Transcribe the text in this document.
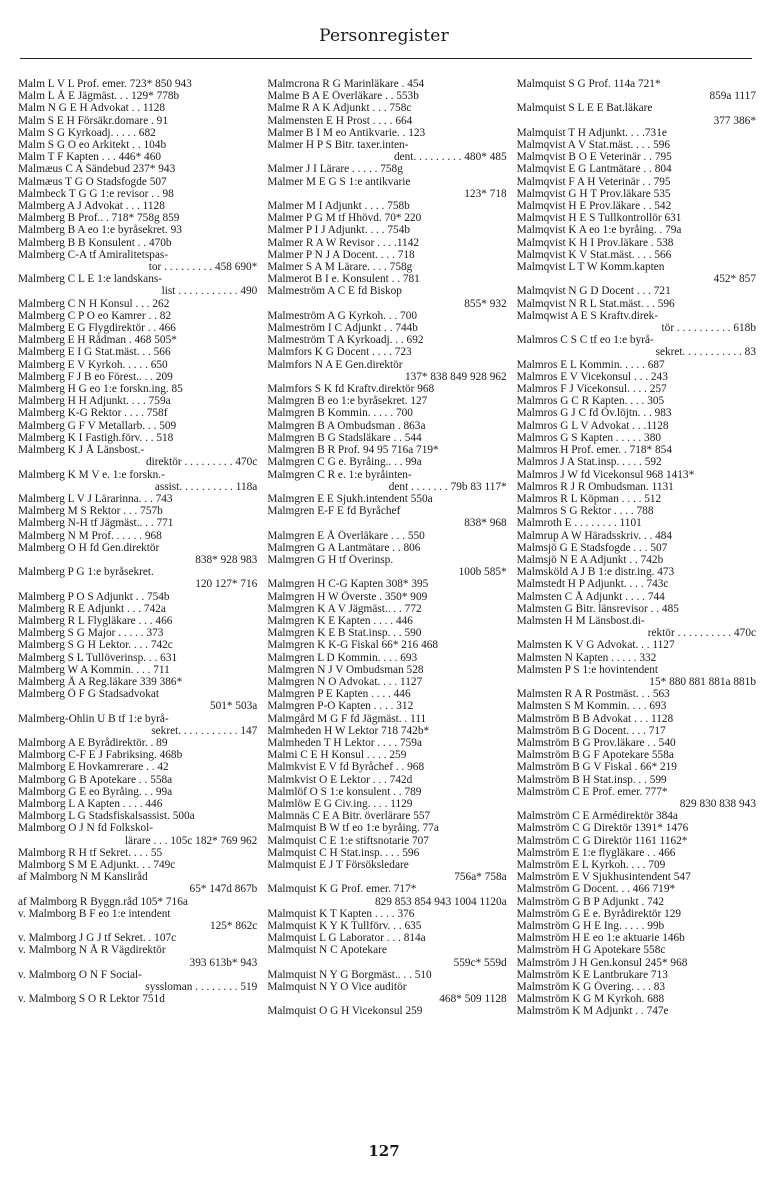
Personregister
Malm L V L Prof. emer. 723* 850 943
Malm L Å E Jägmäst. . . 129* 778b
Malm N G E H Advokat . . 1128
Malm S E H Försäkr.domare . 91
Malm S G Kyrkoadj. . . . . 682
Malm S G O eo Arkitekt . . 104b
Malm T F Kapten . . . 446* 460
Malmæus C A Sändebud 237* 943
Malmæus T G O Stadsfogde 507
Malmbeck T G G 1:e revisor . . 98
Malmberg A J Advokat . . . 1128
Malmberg B Prof.. . 718* 758g 859
Malmberg B A eo 1:e byråsekret. 93
Malmberg B B Konsulent . . 470b
Malmberg C-A tf Amiralitetspas-
tor . . . . . . . . . 458 690*
Malmberg C L E 1:e landskans-
list . . . . . . . . . . . 490
Malmberg C N H Konsul . . . 262
Malmberg C P O eo Kamrer . . 82
Malmberg E G Flygdirektör . . 466
Malmberg E H Rådman . 468 505*
Malmberg E I G Stat.mäst. . . 566
Malmberg E V Kyrkoh. . . . . 650
Malmberg F J B eo Förest.. . . 209
Malmberg H G eo 1:e forskn.ing. 85
Malmberg H H Adjunkt. . . . 759a
Malmberg K-G Rektor . . . . 758f
Malmberg G F V Metallarb. . . 509
Malmberg K I Fastigh.förv. . . 518
Malmberg K J Å Länsbost.-
direktör . . . . . . . . . 470c
Malmberg K M V e. 1:e forskn.-
assist. . . . . . . . . . 118a
Malmberg L V J Lärarinna. . . 743
Malmberg M S Rektor . . . 757b
Malmberg N-H tf Jägmäst.. . . 771
Malmberg N M Prof. . . . . . 968
Malmberg O H fd Gen.direktör
838* 928 983
Malmberg P G 1:e byråsekret.
120 127* 716
Malmberg P O S Adjunkt . . 754b
Malmberg R E Adjunkt . . . 742a
Malmberg R L Flygläkare . . . 466
Malmberg S G Major . . . . . 373
Malmberg S G H Lektor. . . . 742c
Malmberg S L Tullöverinsp. . . 631
Malmberg W A Kommin. . . . 711
Malmberg Å A Reg.läkare 339 386*
Malmberg Ö F G Stadsadvokat
501* 503a
Malmberg-Ohlin U B tf 1:e byrå-
sekret. . . . . . . . . . . 147
Malmborg A E Byrådirektör. . 89
Malmborg C-F E J Fabriksing. 468b
Malmborg E Hovkamrerare . . 42
Malmborg G B Apotekare . . 558a
Malmborg G E eo Byråing. . . 99a
Malmborg L A Kapten . . . . 446
Malmborg L G Stadsfiskalsassist. 500a
Malmborg O J N fd Folkskol-
lärare . . . 105c 182* 769 962
Malmborg R H tf Sekret. . . . 55
Malmborg S M E Adjunkt. . . 749c
af Malmborg N M Kansliråd
65* 147d 867b
af Malmborg R Byggn.råd 105* 716a
v. Malmborg B F eo 1:e intendent
125* 862c
v. Malmborg J G J tf Sekret. . 107c
v. Malmborg N Å R Vägdirektör
393 613b* 943
v. Malmborg O N F Social-
syssloman . . . . . . . . 519
v. Malmborg S O R Lektor 751d
Malmcrona R G Marinläkare . 454
Malme B A E Överläkare . . 553b
Malme R A K Adjunkt . . . 758c
Malmensten E H Prost . . . . 664
Malmer B I M eo Antikvarie. . 123
Malmer H P S Bitr. taxer.inten-
dent. . . . . . . . . 480* 485
Malmer J I Lärare . . . . . 758g
Malmer M E G S 1:e antikvarie
123* 718
Malmer M I Adjunkt . . . . 758b
Malmer P G M tf Hhövd. 70* 220
Malmer P I J Adjunkt. . . . 754b
Malmer R A W Revisor . . . .1142
Malmer P N J A Docent. . . . 718
Malmer S A M Lärare. . . . 758g
Malmerot B I e. Konsulent . . 781
Malmeström A C E fd Biskop
855* 932
Malmeström A G Kyrkoh. . . 700
Malmeström I C Adjunkt . . 744b
Malmeström T A Kyrkoadj. . . 692
Malmfors K G Docent . . . . 723
Malmfors N A E Gen.direktör
137* 838 849 928 962
Malmfors S K fd Kraftv.direktör 968
Malmgren B eo 1:e byråsekret. 127
Malmgren B Kommin. . . . . 700
Malmgren B A Ombudsman . 863a
Malmgren B G Stadsläkare . . 544
Malmgren B R Prof. 94 95 716a 719*
Malmgren C G e. Byråing.. . . 99a
Malmgren C R e. 1:e byråinten-
dent . . . . . . . 79b 83 117*
Malmgren E E Sjukh.intendent 550a
Malmgren E-F E fd Byråchef
838* 968
Malmgren E Å Överläkare . . . 550
Malmgren G A Lantmätare . . 806
Malmgren G H tf Överinsp.
100b 585*
Malmgren H C-G Kapten 308* 395
Malmgren H W Överste . 350* 909
Malmgren K A V Jägmäst.. . . 772
Malmgren K E Kapten . . . . 446
Malmgren K E B Stat.insp. . . 590
Malmgren K K-G Fiskal 66* 216 468
Malmgren L D Kommin. . . . 693
Malmgren N J V Ombudsman 528
Malmgren N O Advokat. . . . 1127
Malmgren P E Kapten . . . . 446
Malmgren P-O Kapten . . . . 312
Malmgård M G F fd Jägmäst. . 111
Malmheden H W Lektor 718 742b*
Malmheden T H Lektor . . . . 759a
Malmi C E H Konsul . . . . 259
Malmkvist E V fd Byråchef . . 968
Malmkvist O E Lektor . . . 742d
Malmlöf O S 1:e konsulent . . 789
Malmlöw E G Civ.ing. . . . 1129
Malmnäs C E A Bitr. överlärare 557
Malmquist B W tf eo 1:e byråing. 77a
Malmquist C E 1:e stiftsnotarie 707
Malmquist C H Stat.insp. . . . 596
Malmquist E J T Försöksledare
756a* 758a
Malmquist K G Prof. emer. 717*
829 853 854 943 1004 1120a
Malmquist K T Kapten . . . . 376
Malmquist K Y K Tullförv. . . 635
Malmquist L G Laborator . . . 814a
Malmquist N C Apotekare
559c* 559d
Malmquist N Y G Borgmäst.. . . 510
Malmquist N Y O Vice auditör
468* 509 1128
Malmquist O G H Vicekonsul 259
Malmquist S G Prof. 114a 721*
859a 1117
Malmquist S L E E Bat.läkare
377 386*
Malmquist T H Adjunkt. . . .731e
Malmqvist A V Stat.mäst. . . . 596
Malmqvist B O E Veterinär . . 795
Malmqvist E G Lantmätare . . 804
Malmqvist F A H Veterinär . . 795
Malmqvist G H T Prov.läkare 535
Malmqvist H E Prov.läkare . . 542
Malmqvist H E S Tullkontrollör 631
Malmqvist K A eo 1:e byråing. . 79a
Malmqvist K H I Prov.läkare . 538
Malmqvist K V Stat.mäst. . . . 566
Malmqvist L T W Komm.kapten
452* 857
Malmqvist N G D Docent . . . 721
Malmqvist N R L Stat.mäst. . . 596
Malmqwist A E S Kraftv.direk-
tör . . . . . . . . . . 618b
Malmros C S C tf eo 1:e byrå-
sekret. . . . . . . . . . . 83
Malmros E L Kommin. . . . . 687
Malmros E V Vicekonsul . . . 243
Malmros F J Vicekonsul. . . . 257
Malmros G C R Kapten. . . . 305
Malmros G J C fd Öv.löjtn. . . 983
Malmros G L V Advokat . . .1128
Malmros G S Kapten . . . . . 380
Malmros H Prof. emer. . 718* 854
Malmros J A Stat.insp. . . . . 592
Malmros J W fd Vicekonsul 968 1413*
Malmros R J R Ombudsman. 1131
Malmros R L Köpman . . . . 512
Malmros S G Rektor . . . . 788
Malmroth E . . . . . . . . 1101
Malmrup A W Häradsskriv. . . 484
Malmsjö G E Stadsfogde . . . 507
Malmsjö N E A Adjunkt . . 742b
Malmsköld A J B 1:e distr.ing. 473
Malmstedt H P Adjunkt. . . . 743c
Malmsten C Å Adjunkt . . . . 744
Malmsten G Bitr. länsrevisor . . 485
Malmsten H M Länsbost.di-
rektör . . . . . . . . . . 470c
Malmsten K V G Advokat. . . 1127
Malmsten N Kapten . . . . . 332
Malmsten P S 1:e hovintendent
15* 880 881 881a 881b
Malmsten R A R Postmäst. . . 563
Malmsten S M Kommin. . . . 693
Malmström B B Advokat . . . 1128
Malmström B G Docent. . . . 717
Malmström B G Prov.läkare . . 540
Malmström B G F Apotekare 558a
Malmström B G V Fiskal . 66* 219
Malmström B H Stat.insp. . . 599
Malmström C E Prof. emer. 777*
829 830 838 943
Malmström C E Armédirektör 384a
Malmström C G Direktör 1391* 1476
Malmström C G Direktör 1161 1162*
Malmström E 1:e flygläkare . . 466
Malmström E L Kyrkoh. . . . 709
Malmström E V Sjukhusintendent 547
Malmström G Docent. . . 466 719*
Malmström G B P Adjunkt . 742
Malmström G E e. Byrådirektör 129
Malmström G H E Ing. . . . . 99b
Malmström H E eo 1:e aktuarie 146b
Malmström H G Apotekare 558c
Malmström J H Gen.konsul 245* 968
Malmström K E Lantbrukare 713
Malmström K G Övering. . . . 83
Malmström K G M Kyrkoh. 688
Malmström K M Adjunkt . . 747e
127
